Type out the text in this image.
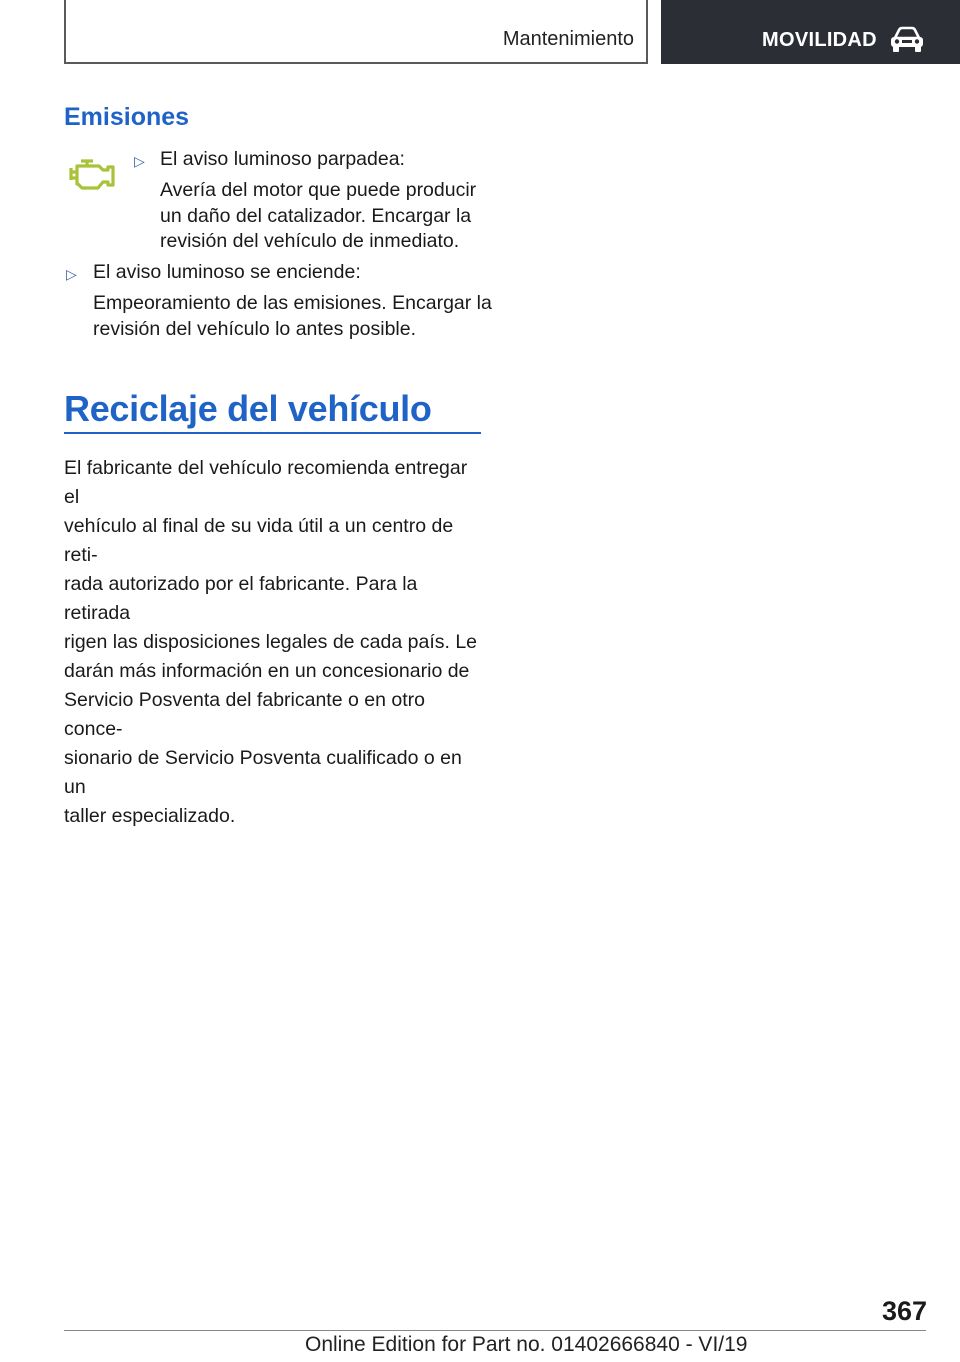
Mantenimiento	MOVILIDAD
Emisiones
▷ El aviso luminoso parpadea:
Avería del motor que puede producir
un daño del catalizador. Encargar la
revisión del vehículo de inmediato.
▷ El aviso luminoso se enciende:
Empeoramiento de las emisiones. Encargar la
revisión del vehículo lo antes posible.
Reciclaje del vehículo
El fabricante del vehículo recomienda entregar el
vehículo al final de su vida útil a un centro de reti‐
rada autorizado por el fabricante. Para la retirada
rigen las disposiciones legales de cada país. Le
darán más información en un concesionario de
Servicio Posventa del fabricante o en otro conce‐
sionario de Servicio Posventa cualificado o en un
taller especializado.
367
Online Edition for Part no. 01402666840 - VI/19
